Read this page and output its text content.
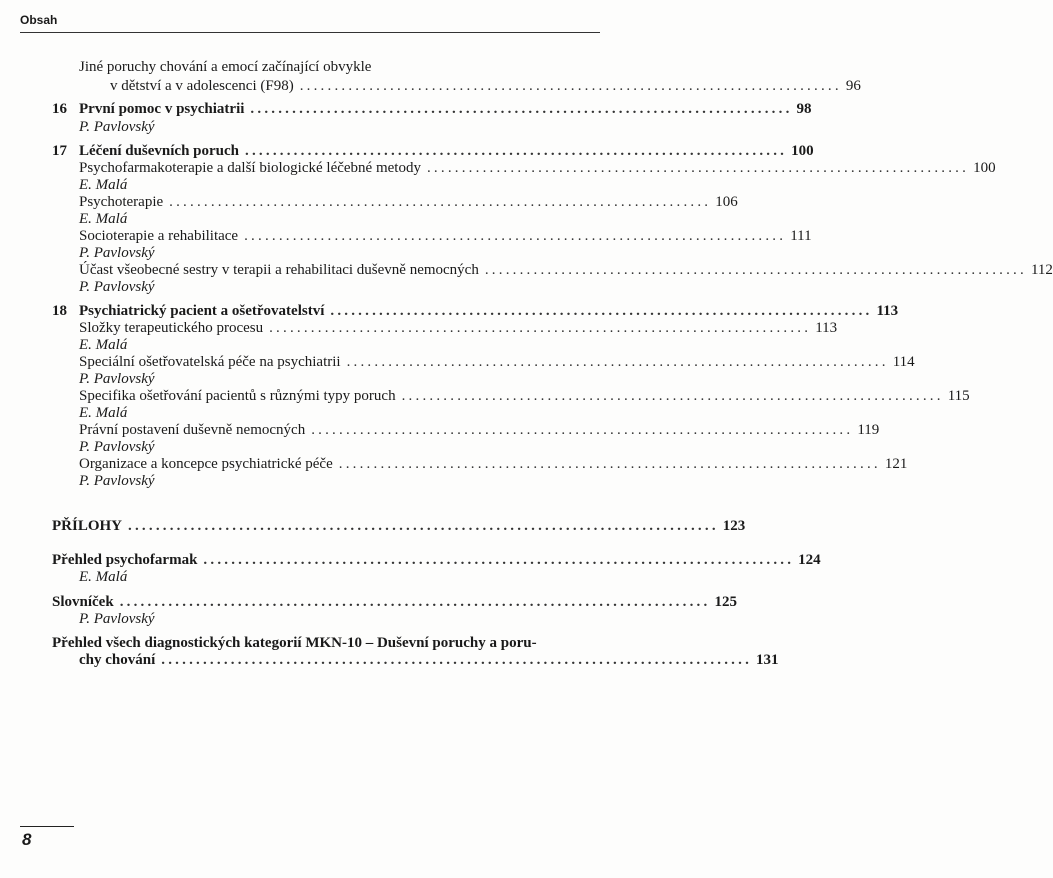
Obsah
Jiné poruchy chování a emocí začínající obvykle
v dětství a v adolescenci (F98) .............................................................................. 96
16 První pomoc v psychiatrii .............................................................................. 98
P. Pavlovský
17 Léčení duševních poruch .............................................................................. 100
Psychofarmakoterapie a další biologické léčebné metody .............................................................................. 100
E. Malá
Psychoterapie .............................................................................. 106
E. Malá
Socioterapie a rehabilitace .............................................................................. 111
P. Pavlovský
Účast všeobecné sestry v terapii a rehabilitaci duševně nemocných .............................................................................. 112
P. Pavlovský
18 Psychiatrický pacient a ošetřovatelství .............................................................................. 113
Složky terapeutického procesu .............................................................................. 113
E. Malá
Speciální ošetřovatelská péče na psychiatrii .............................................................................. 114
P. Pavlovský
Specifika ošetřování pacientů s různými typy poruch .............................................................................. 115
E. Malá
Právní postavení duševně nemocných .............................................................................. 119
P. Pavlovský
Organizace a koncepce psychiatrické péče .............................................................................. 121
P. Pavlovský
PŘÍLOHY ..................................................................................... 123
Přehled psychofarmak ..................................................................................... 124
E. Malá
Slovníček ..................................................................................... 125
P. Pavlovský
Přehled všech diagnostických kategorií MKN-10 – Duševní poruchy a poru-
chy chování ..................................................................................... 131
8
